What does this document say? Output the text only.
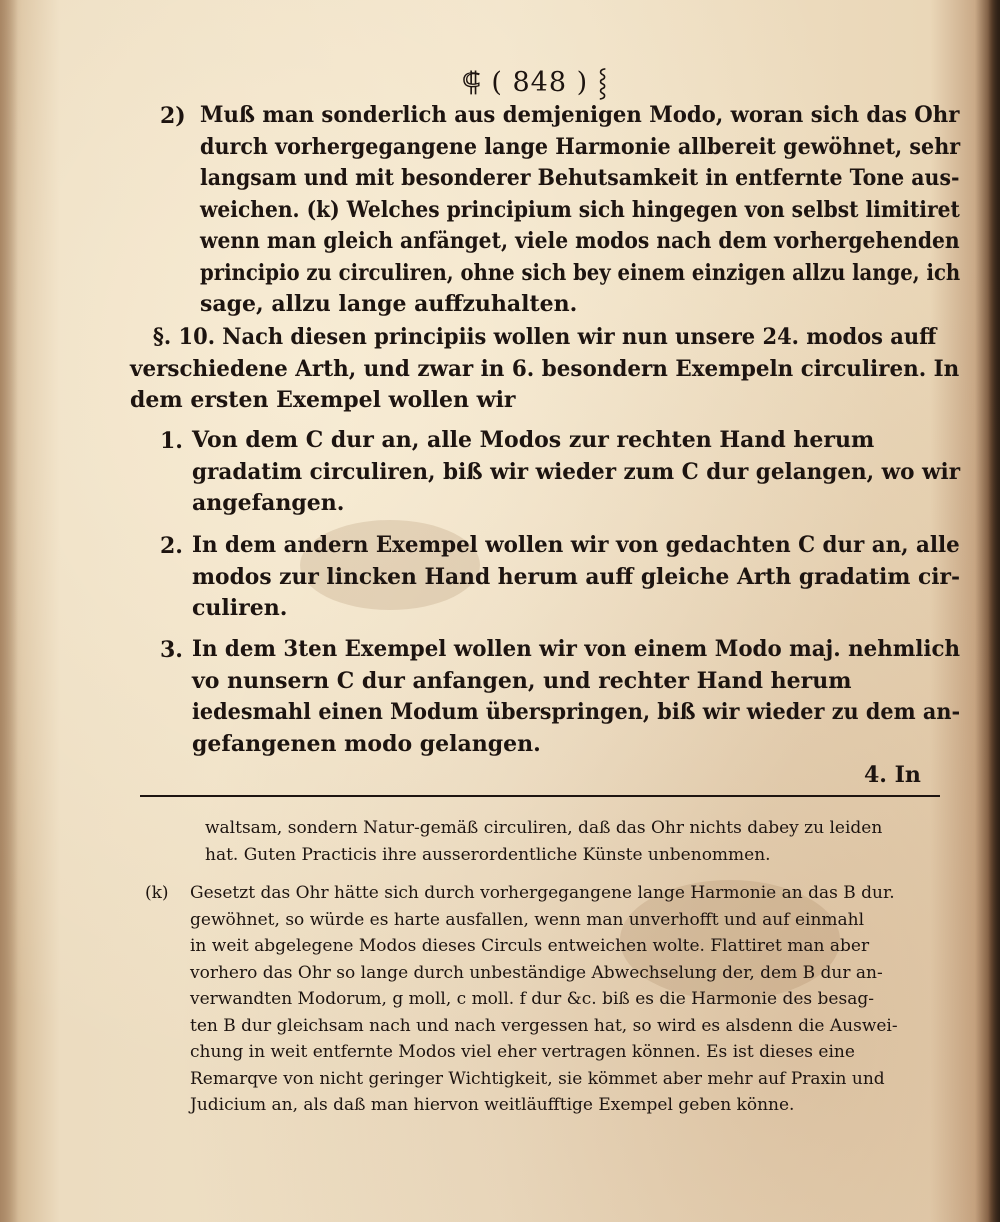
⸿ ( 848 ) ⸾
2) Muß man sonderlich aus demjenigen Modo, woran sich das Ohr
durch vorhergegangene lange Harmonie allbereit gewöhnet, sehr
langsam und mit besonderer Behutsamkeit in entfernte Tone aus-
weichen. (k) Welches principium sich hingegen von selbst limitiret
wenn man gleich anfänget, viele modos nach dem vorhergehenden
principio zu circuliren, ohne sich bey einem einzigen allzu lange, ich
sage, allzu lange auffzuhalten.
§. 10. Nach diesen principiis wollen wir nun unsere 24. modos auff
verschiedene Arth, und zwar in 6. besondern Exempeln circuliren. In
dem ersten Exempel wollen wir
1. Von dem C dur an, alle Modos zur rechten Hand herum
gradatim circuliren, biß wir wieder zum C dur gelangen, wo wir
angefangen.
2. In dem andern Exempel wollen wir von gedachten C dur an, alle
modos zur lincken Hand herum auff gleiche Arth gradatim cir-
culiren.
3. In dem 3ten Exempel wollen wir von einem Modo maj. nehmlich
vo nunsern C dur anfangen, und rechter Hand herum
iedesmahl einen Modum überspringen, biß wir wieder zu dem an-
gefangenen modo gelangen.
4. In
waltsam, sondern Natur-gemäß circuliren, daß das Ohr nichts dabey zu leiden
hat. Guten Practicis ihre ausserordentliche Künste unbenommen.
(k) Gesetzt das Ohr hätte sich durch vorhergegangene lange Harmonie an das B dur.
gewöhnet, so würde es harte ausfallen, wenn man unverhofft und auf einmahl
in weit abgelegene Modos dieses Circuls entweichen wolte. Flattiret man aber
vorhero das Ohr so lange durch unbeständige Abwechselung der, dem B dur an-
verwandten Modorum, g moll, c moll. f dur &c. biß es die Harmonie des besag-
ten B dur gleichsam nach und nach vergessen hat, so wird es alsdenn die Auswei-
chung in weit entfernte Modos viel eher vertragen können. Es ist dieses eine
Remarqve von nicht geringer Wichtigkeit, sie kömmet aber mehr auf Praxin und
Judicium an, als daß man hiervon weitläufftige Exempel geben könne.
